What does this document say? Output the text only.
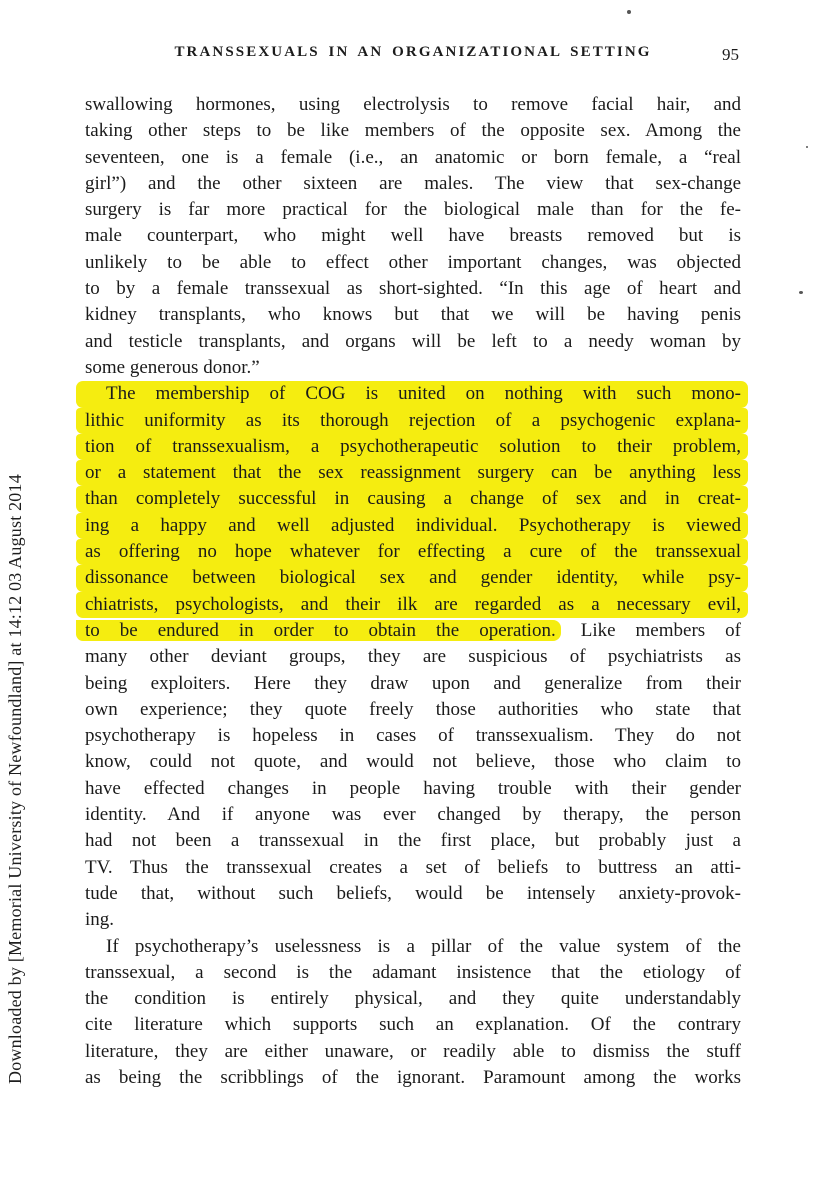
Downloaded by [Memorial University of Newfoundland] at 14:12 03 August 2014
TRANSSEXUALS IN AN ORGANIZATIONAL SETTING	95
swallowing hormones, using electrolysis to remove facial hair, and
taking other steps to be like members of the opposite sex. Among the
seventeen, one is a female (i.e., an anatomic or born female, a “real
girl”) and the other sixteen are males. The view that sex-change
surgery is far more practical for the biological male than for the fe-
male counterpart, who might well have breasts removed but is
unlikely to be able to effect other important changes, was objected
to by a female transsexual as short-sighted. “In this age of heart and
kidney transplants, who knows but that we will be having penis
and testicle transplants, and organs will be left to a needy woman by
some generous donor.”
The membership of COG is united on nothing with such mono-
lithic uniformity as its thorough rejection of a psychogenic explana-
tion of transsexualism, a psychotherapeutic solution to their problem,
or a statement that the sex reassignment surgery can be anything less
than completely successful in causing a change of sex and in creat-
ing a happy and well adjusted individual. Psychotherapy is viewed
as offering no hope whatever for effecting a cure of the transsexual
dissonance between biological sex and gender identity, while psy-
chiatrists, psychologists, and their ilk are regarded as a necessary evil,
to be endured in order to obtain the operation. Like members of
many other deviant groups, they are suspicious of psychiatrists as
being exploiters. Here they draw upon and generalize from their
own experience; they quote freely those authorities who state that
psychotherapy is hopeless in cases of transsexualism. They do not
know, could not quote, and would not believe, those who claim to
have effected changes in people having trouble with their gender
identity. And if anyone was ever changed by therapy, the person
had not been a transsexual in the first place, but probably just a
TV. Thus the transsexual creates a set of beliefs to buttress an atti-
tude that, without such beliefs, would be intensely anxiety-provok-
ing.
If psychotherapy’s uselessness is a pillar of the value system of the
transsexual, a second is the adamant insistence that the etiology of
the condition is entirely physical, and they quite understandably
cite literature which supports such an explanation. Of the contrary
literature, they are either unaware, or readily able to dismiss the stuff
as being the scribblings of the ignorant. Paramount among the works
